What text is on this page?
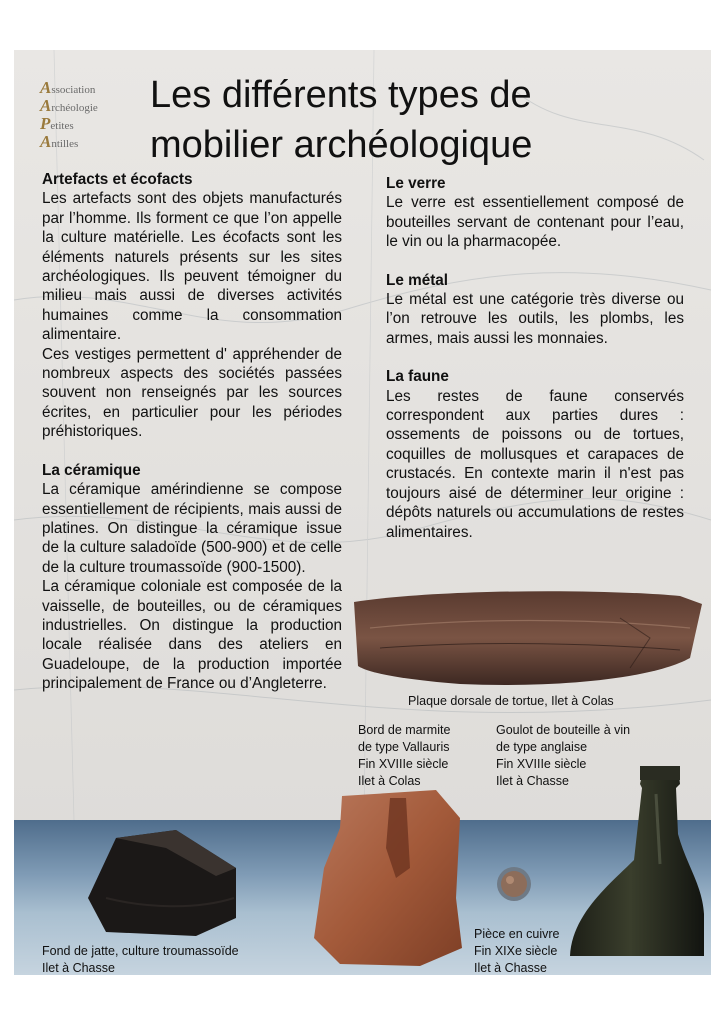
Association
Archéologie
Petites
Antilles
Les différents types de
mobilier archéologique
Artefacts et écofacts

Les artefacts sont des objets manufacturés par l’homme. Ils forment ce que l’on appelle la culture matérielle. Les écofacts sont les éléments naturels présents sur les sites archéologiques. Ils peuvent témoigner du milieu mais aussi de diverses activités humaines comme la consommation alimentaire.

Ces vestiges permettent d' appréhender de nombreux aspects des sociétés passées souvent non renseignés par les sources écrites, en particulier pour les périodes préhistoriques.

La céramique

La céramique amérindienne se compose essentiellement de récipients, mais aussi de platines. On distingue la céramique issue de la culture saladoïde (500-900) et de celle de la culture troumassoïde (900-1500).

La céramique coloniale est composée de la vaisselle, de bouteilles, ou de céramiques industrielles. On distingue la production locale réalisée dans des ateliers en Guadeloupe, de la production importée principalement de France ou d’Angleterre.

Le verre

Le verre est essentiellement composé de bouteilles servant de contenant pour l’eau, le vin ou la pharmacopée.

Le métal

Le métal est une catégorie très diverse ou l’on retrouve les outils, les plombs, les armes, mais aussi les monnaies.

La faune

Les restes de faune conservés correspondent aux parties dures : ossements de poissons ou de tortues, coquilles de mollusques et carapaces de crustacés. En contexte marin il n'est pas toujours aisé de déterminer leur origine : dépôts naturels ou accumulations de restes alimentaires.

Plaque dorsale de tortue, Ilet à Colas
Bord de marmite
de type Vallauris
Fin XVIIIe siècle
Ilet à Colas
Goulot de bouteille à vin
de type anglaise
Fin XVIIIe siècle
Ilet à Chasse
Fond de jatte, culture troumassoïde
Ilet à Chasse
Pièce en cuivre
Fin XIXe siècle
Ilet à Chasse
